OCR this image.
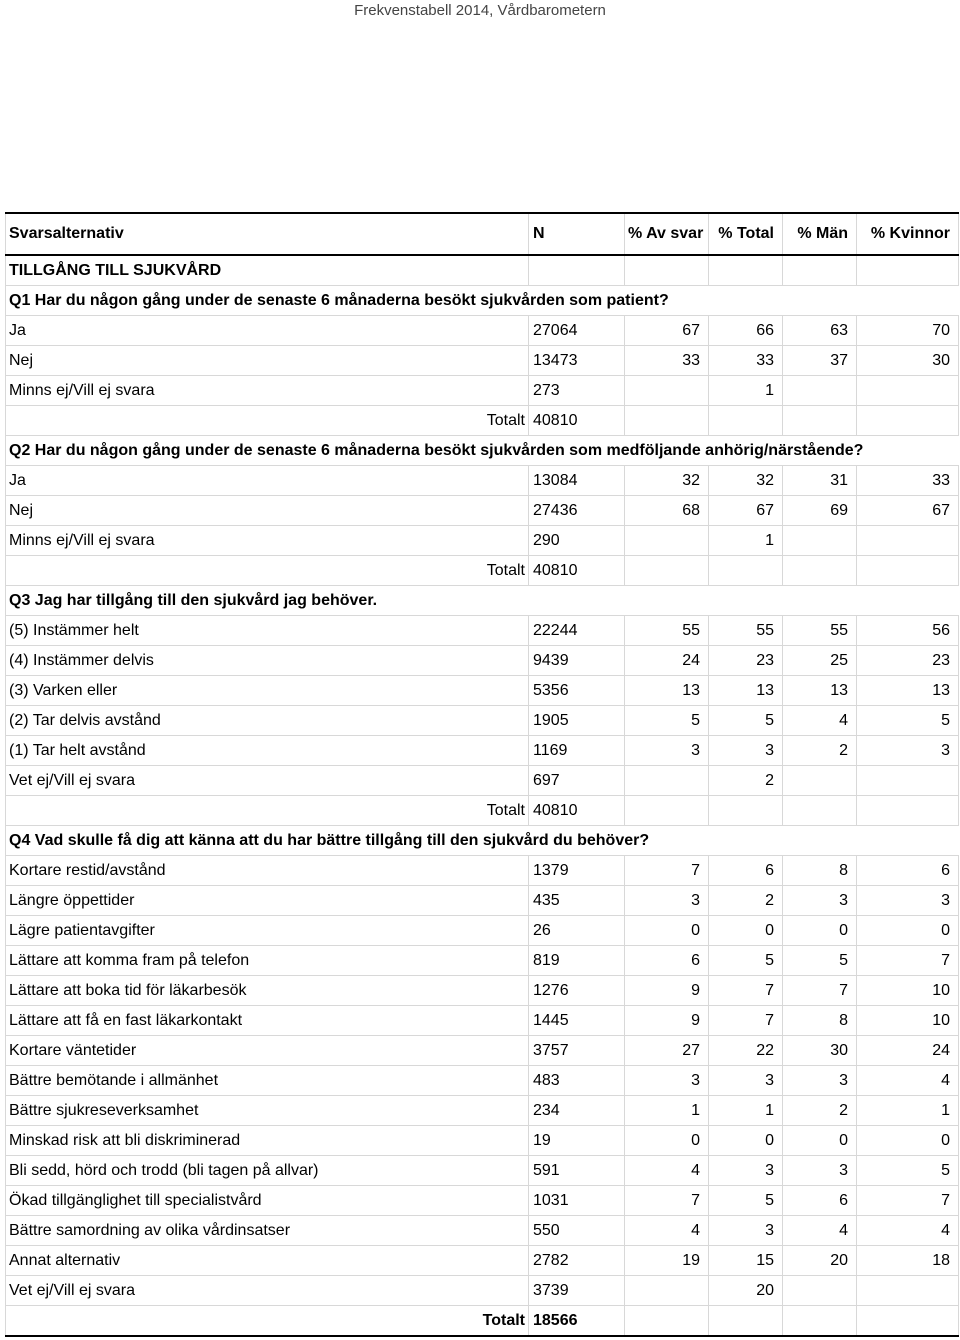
Frekvenstabell 2014, Vårdbarometern
Svarsalternativ	N	% Av svar	% Total	% Män	% Kvinnor
TILLGÅNG TILL SJUKVÅRD					
Q1 Har du någon gång under de senaste 6 månaderna besökt sjukvården som patient?					
Ja	27064	67	66	63	70
Nej	13473	33	33	37	30
Minns ej/Vill ej svara	273		1		
Totalt	40810				
Q2 Har du någon gång under de senaste 6 månaderna besökt sjukvården som medföljande anhörig/närstående?					
Ja	13084	32	32	31	33
Nej	27436	68	67	69	67
Minns ej/Vill ej svara	290		1		
Totalt	40810				
Q3 Jag har tillgång till den sjukvård jag behöver.					
(5) Instämmer helt	22244	55	55	55	56
(4) Instämmer delvis	9439	24	23	25	23
(3) Varken eller	5356	13	13	13	13
(2) Tar delvis avstånd	1905	5	5	4	5
(1) Tar helt avstånd	1169	3	3	2	3
Vet ej/Vill ej svara	697		2		
Totalt	40810				
Q4 Vad skulle få dig att känna att du har bättre tillgång till den sjukvård du behöver?					
Kortare restid/avstånd	1379	7	6	8	6
Längre öppettider	435	3	2	3	3
Lägre patientavgifter	26	0	0	0	0
Lättare att komma fram på telefon	819	6	5	5	7
Lättare att boka tid för läkarbesök	1276	9	7	7	10
Lättare att få en fast läkarkontakt	1445	9	7	8	10
Kortare väntetider	3757	27	22	30	24
Bättre bemötande i allmänhet	483	3	3	3	4
Bättre sjukreseverksamhet	234	1	1	2	1
Minskad risk att bli diskriminerad	19	0	0	0	0
Bli sedd, hörd och trodd (bli tagen på allvar)	591	4	3	3	5
Ökad tillgänglighet till specialistvård	1031	7	5	6	7
Bättre samordning av olika vårdinsatser	550	4	3	4	4
Annat alternativ	2782	19	15	20	18
Vet ej/Vill ej svara	3739		20		
Totalt	18566				
